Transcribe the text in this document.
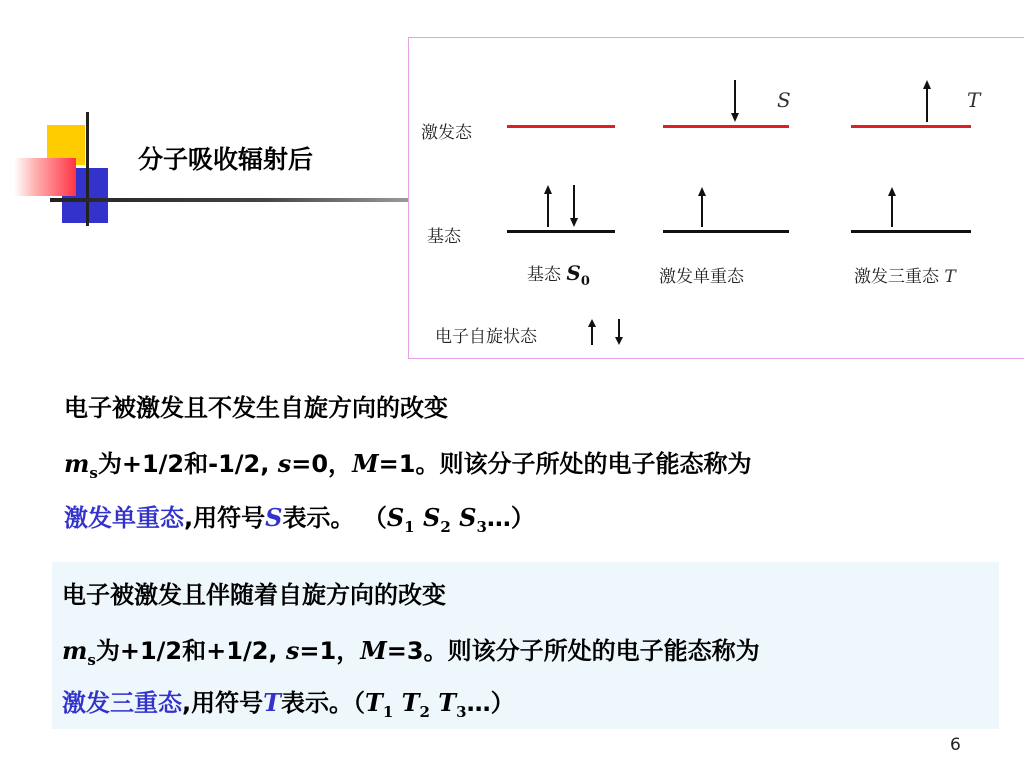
分子吸收辐射后
激发态
基态
S	T
基态 $S_0$	激发单重态	激发三重态 T
电子自旋状态
电子被激发且不发生自旋方向的改变
$m_s$为+1/2和-1/2, s=0，M=1。则该分子所处的电子能态称为
激发单重态,用符号S表示。 （$S_1$ $S_2$ $S_3\dots$）
电子被激发且伴随着自旋方向的改变
$m_s$为+1/2和+1/2, s=1，M=3。则该分子所处的电子能态称为
激发三重态,用符号T表示。（$T_1$ $T_2$ $T_3\dots$）
6
